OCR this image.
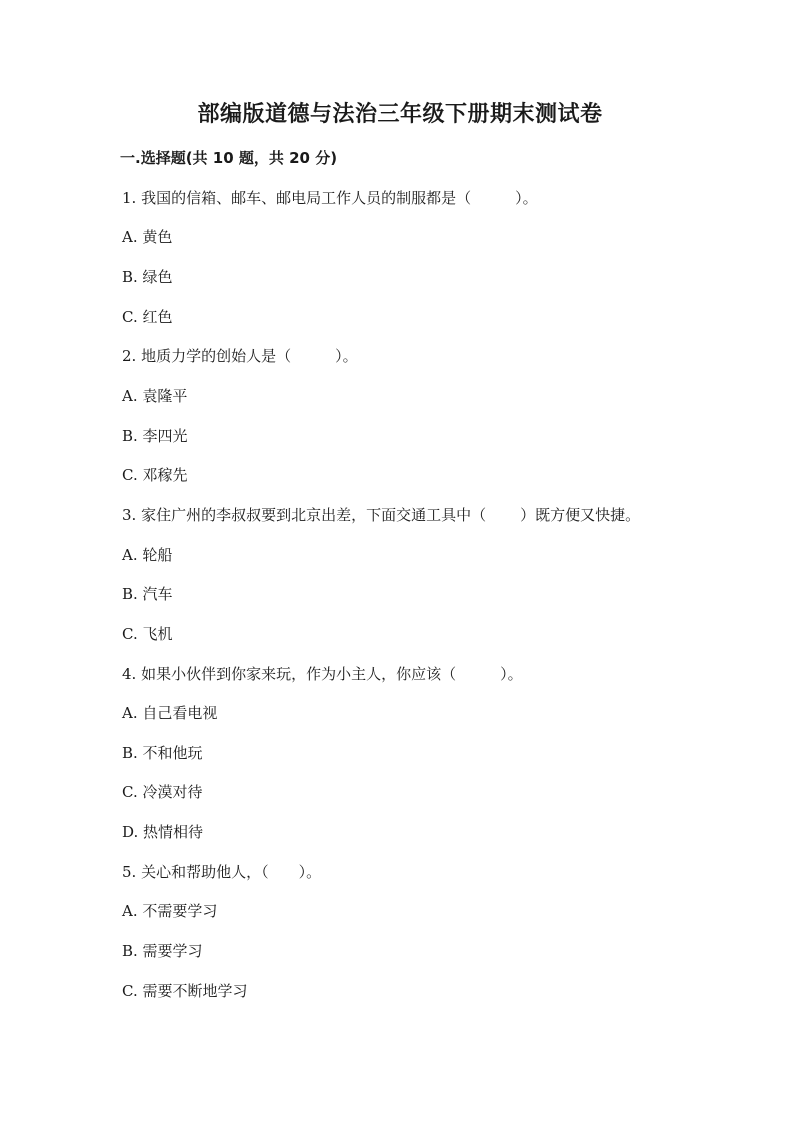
部编版道德与法治三年级下册期末测试卷
一.选择题(共 10 题，共 20 分)
1. 我国的信箱、邮车、邮电局工作人员的制服都是（	）。
A. 黄色
B. 绿色
C. 红色
2. 地质力学的创始人是（	）。
A. 袁隆平
B. 李四光
C. 邓稼先
3. 家住广州的李叔叔要到北京出差，下面交通工具中（ ）既方便又快捷。
A. 轮船
B. 汽车
C. 飞机
4. 如果小伙伴到你家来玩，作为小主人，你应该（	）。
A. 自己看电视
B. 不和他玩
C. 冷漠对待
D. 热情相待
5. 关心和帮助他人，（ ）。
A. 不需要学习
B. 需要学习
C. 需要不断地学习
